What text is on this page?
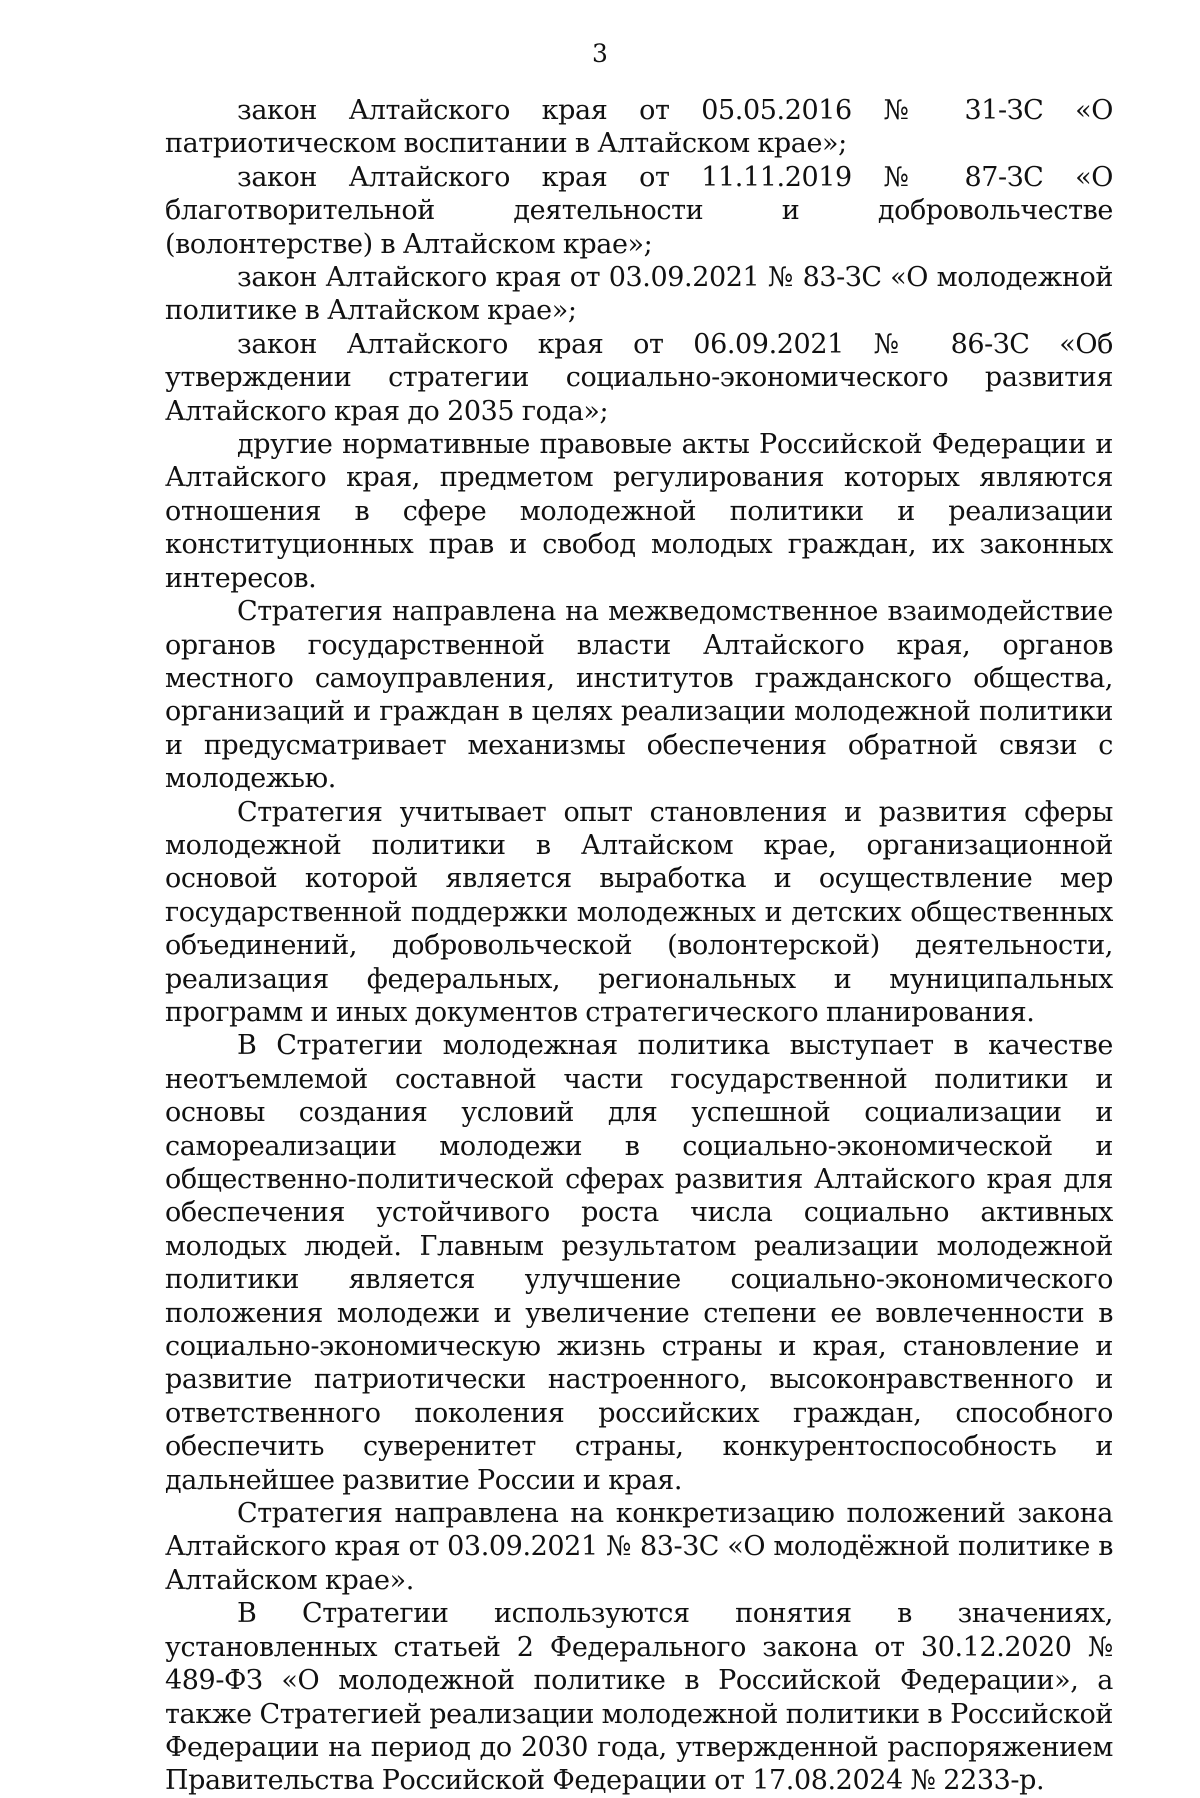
3

закон Алтайского края от 05.05.2016 № 31-ЗС «О патриотическом воспитании в Алтайском крае»;

закон Алтайского края от 11.11.2019 № 87-ЗС «О благотворительной деятельности и добровольчестве (волонтерстве) в Алтайском крае»;

закон Алтайского края от 03.09.2021 № 83-ЗС «О молодежной политике в Алтайском крае»;

закон Алтайского края от 06.09.2021 № 86-ЗС «Об утверждении стратегии социально-экономического развития Алтайского края до 2035 года»;

другие нормативные правовые акты Российской Федерации и Алтайского края, предметом регулирования которых являются отношения в сфере молодежной политики и реализации конституционных прав и свобод молодых граждан, их законных интересов.

Стратегия направлена на межведомственное взаимодействие органов государственной власти Алтайского края, органов местного самоуправления, институтов гражданского общества, организаций и граждан в целях реализации молодежной политики и предусматривает механизмы обеспечения обратной связи с молодежью.

Стратегия учитывает опыт становления и развития сферы молодежной политики в Алтайском крае, организационной основой которой является выработка и осуществление мер государственной поддержки молодежных и детских общественных объединений, добровольческой (волонтерской) деятельности, реализация федеральных, региональных и муниципальных программ и иных документов стратегического планирования.

В Стратегии молодежная политика выступает в качестве неотъемлемой составной части государственной политики и основы создания условий для успешной социализации и самореализации молодежи в социально-экономической и общественно-политической сферах развития Алтайского края для обеспечения устойчивого роста числа социально активных молодых людей. Главным результатом реализации молодежной политики является улучшение социально-экономического положения молодежи и увеличение степени ее вовлеченности в социально-экономическую жизнь страны и края, становление и развитие патриотически настроенного, высоконравственного и ответственного поколения российских граждан, способного обеспечить суверенитет страны, конкурентоспособность и дальнейшее развитие России и края.

Стратегия направлена на конкретизацию положений закона Алтайского края от 03.09.2021 № 83-ЗС «О молодёжной политике в Алтайском крае».

В Стратегии используются понятия в значениях, установленных статьей 2 Федерального закона от 30.12.2020 № 489-ФЗ «О молодежной политике в Российской Федерации», а также Стратегией реализации молодежной политики в Российской Федерации на период до 2030 года, утвержденной распоряжением Правительства Российской Федерации от 17.08.2024 № 2233-р.
